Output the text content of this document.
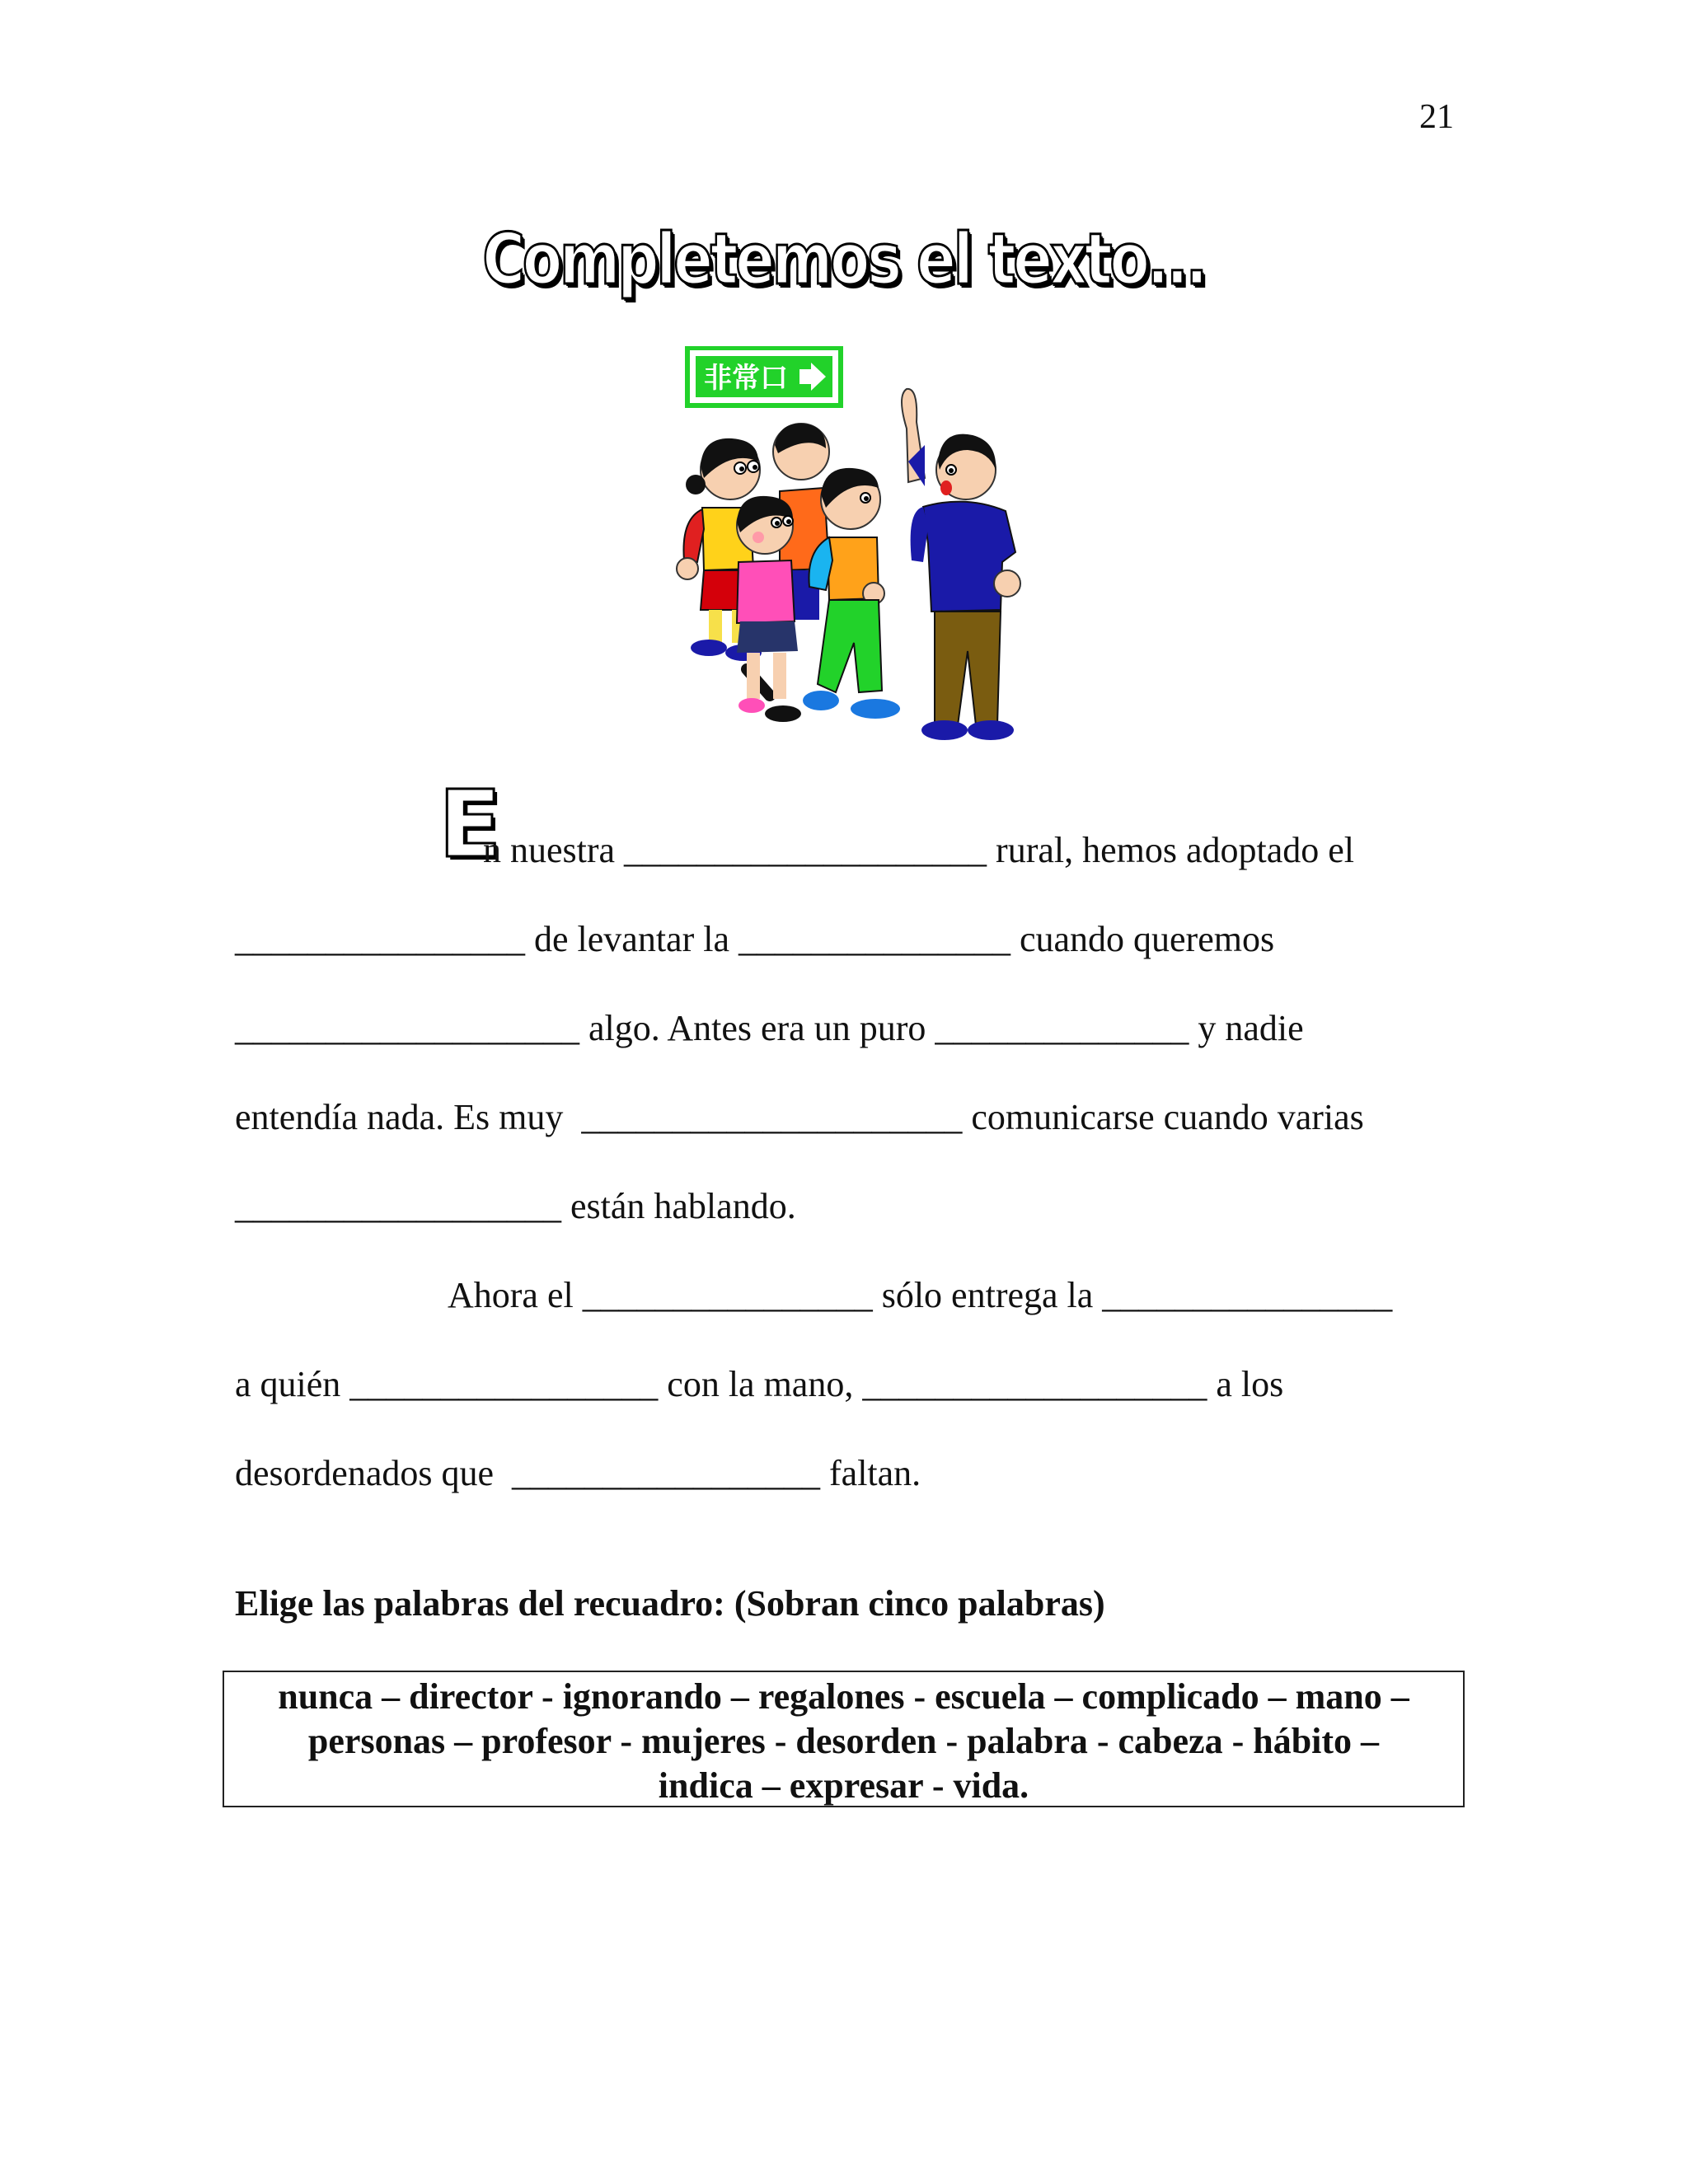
21
Completemos el texto...
非常口
E
n nuestra ____________________ rural, hemos adoptado el
________________ de levantar la _______________ cuando queremos
___________________ algo. Antes era un puro ______________ y nadie
entendía nada. Es muy  _____________________ comunicarse cuando varias
__________________ están hablando.
Ahora el ________________ sólo entrega la ________________
a quién _________________ con la mano, ___________________ a los
desordenados que  _________________ faltan.
Elige las palabras del recuadro: (Sobran cinco palabras)
nunca – director - ignorando – regalones - escuela – complicado – mano –
personas – profesor - mujeres - desorden - palabra - cabeza - hábito –
indica – expresar - vida.
